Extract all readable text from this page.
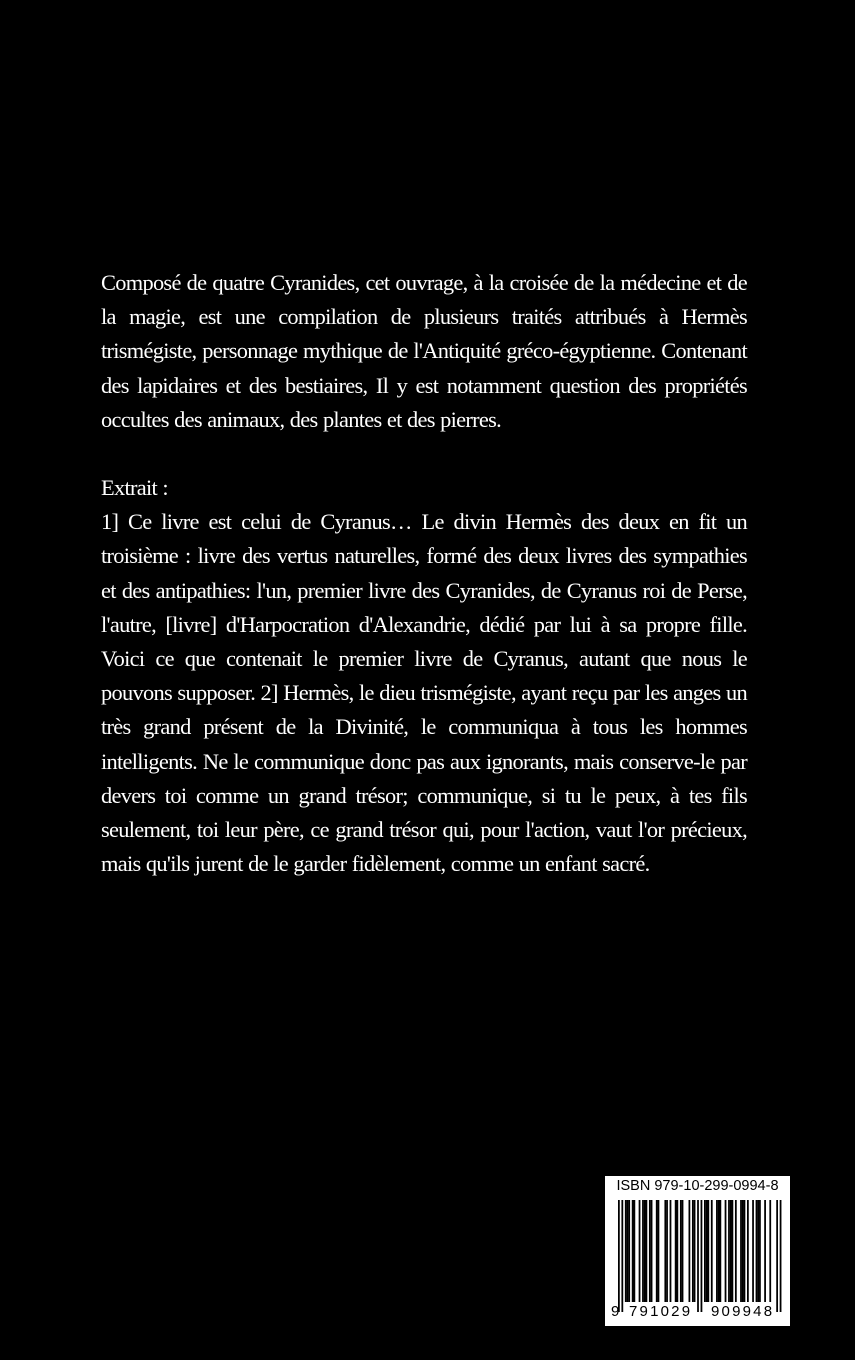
Composé de quatre Cyranides, cet ouvrage, à la croisée de la médecine et de la magie, est une compilation de plusieurs traités attribués à Hermès trismégiste, personnage mythique de l'Antiquité gréco-égyptienne. Contenant des lapidaires et des bestiaires, Il y est notamment question des propriétés occultes des animaux, des plantes et des pierres.

Extrait :

1] Ce livre est celui de Cyranus… Le divin Hermès des deux en fit un troisième : livre des vertus naturelles, formé des deux livres des sympathies et des antipathies: l'un, premier livre des Cyranides, de Cyranus roi de Perse, l'autre, [livre] d'Harpocration d'Alexandrie, dédié par lui à sa propre fille. Voici ce que contenait le premier livre de Cyranus, autant que nous le pouvons supposer. 2] Hermès, le dieu trismégiste, ayant reçu par les anges un très grand présent de la Divinité, le communiqua à tous les hommes intelligents. Ne le communique donc pas aux ignorants, mais conserve-le par devers toi comme un grand trésor; communique, si tu le peux, à tes fils seulement, toi leur père, ce grand trésor qui, pour l'action, vaut l'or précieux, mais qu'ils jurent de le garder fidèlement, comme un enfant sacré.

ISBN 979-10-299-0994-8
9 791029 909948
